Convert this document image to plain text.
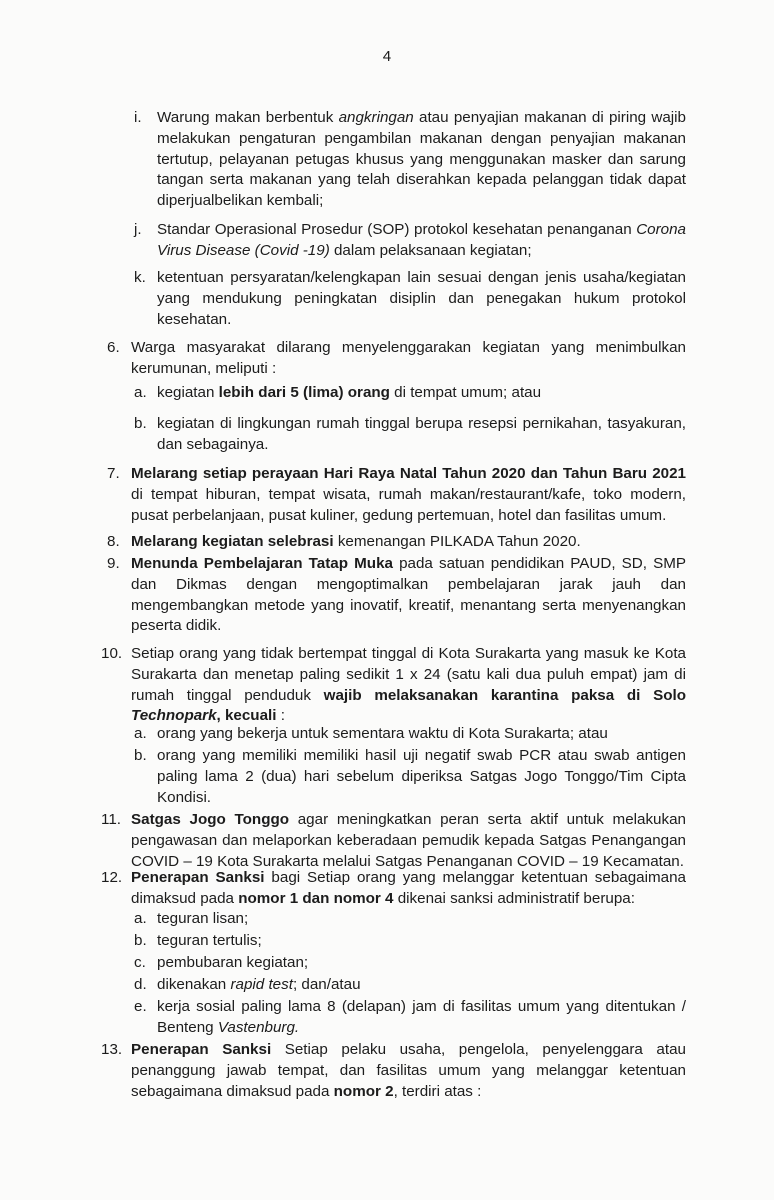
4
i. Warung makan berbentuk angkringan atau penyajian makanan di piring wajib
melakukan pengaturan pengambilan makanan dengan penyajian makanan
tertutup, pelayanan petugas khusus yang menggunakan masker dan sarung
tangan serta makanan yang telah diserahkan kepada pelanggan tidak dapat
diperjualbelikan kembali;
j. Standar Operasional Prosedur (SOP) protokol kesehatan penanganan Corona
Virus Disease (Covid -19) dalam pelaksanaan kegiatan;
k. ketentuan persyaratan/kelengkapan lain sesuai dengan jenis usaha/kegiatan
yang mendukung peningkatan disiplin dan penegakan hukum protokol
kesehatan.
6. Warga masyarakat dilarang menyelenggarakan kegiatan yang menimbulkan
kerumunan, meliputi :
a. kegiatan lebih dari 5 (lima) orang di tempat umum; atau
b. kegiatan di lingkungan rumah tinggal berupa resepsi pernikahan, tasyakuran,
dan sebagainya.
7. Melarang setiap perayaan Hari Raya Natal Tahun 2020 dan Tahun Baru 2021
di tempat hiburan, tempat wisata, rumah makan/restaurant/kafe, toko modern,
pusat perbelanjaan, pusat kuliner, gedung pertemuan, hotel dan fasilitas umum.
8. Melarang kegiatan selebrasi kemenangan PILKADA Tahun 2020.
9. Menunda Pembelajaran Tatap Muka pada satuan pendidikan PAUD, SD, SMP
dan Dikmas dengan mengoptimalkan pembelajaran jarak jauh dan
mengembangkan metode yang inovatif, kreatif, menantang serta menyenangkan
peserta didik.
10. Setiap orang yang tidak bertempat tinggal di Kota Surakarta yang masuk ke Kota
Surakarta dan menetap paling sedikit 1 x 24 (satu kali dua puluh empat) jam di
rumah tinggal penduduk wajib melaksanakan karantina paksa di Solo
Technopark, kecuali :
a. orang yang bekerja untuk sementara waktu di Kota Surakarta; atau
b. orang yang memiliki memiliki hasil uji negatif swab PCR atau swab antigen
paling lama 2 (dua) hari sebelum diperiksa Satgas Jogo Tonggo/Tim Cipta
Kondisi.
11. Satgas Jogo Tonggo agar meningkatkan peran serta aktif untuk melakukan
pengawasan dan melaporkan keberadaan pemudik kepada Satgas Penangangan
COVID – 19 Kota Surakarta melalui Satgas Penanganan COVID – 19 Kecamatan.
12. Penerapan Sanksi bagi Setiap orang yang melanggar ketentuan sebagaimana
dimaksud pada nomor 1 dan nomor 4 dikenai sanksi administratif berupa:
a. teguran lisan;
b. teguran tertulis;
c. pembubaran kegiatan;
d. dikenakan rapid test; dan/atau
e. kerja sosial paling lama 8 (delapan) jam di fasilitas umum yang ditentukan /
Benteng Vastenburg.
13. Penerapan Sanksi Setiap pelaku usaha, pengelola, penyelenggara atau
penanggung jawab tempat, dan fasilitas umum yang melanggar ketentuan
sebagaimana dimaksud pada nomor 2, terdiri atas :
